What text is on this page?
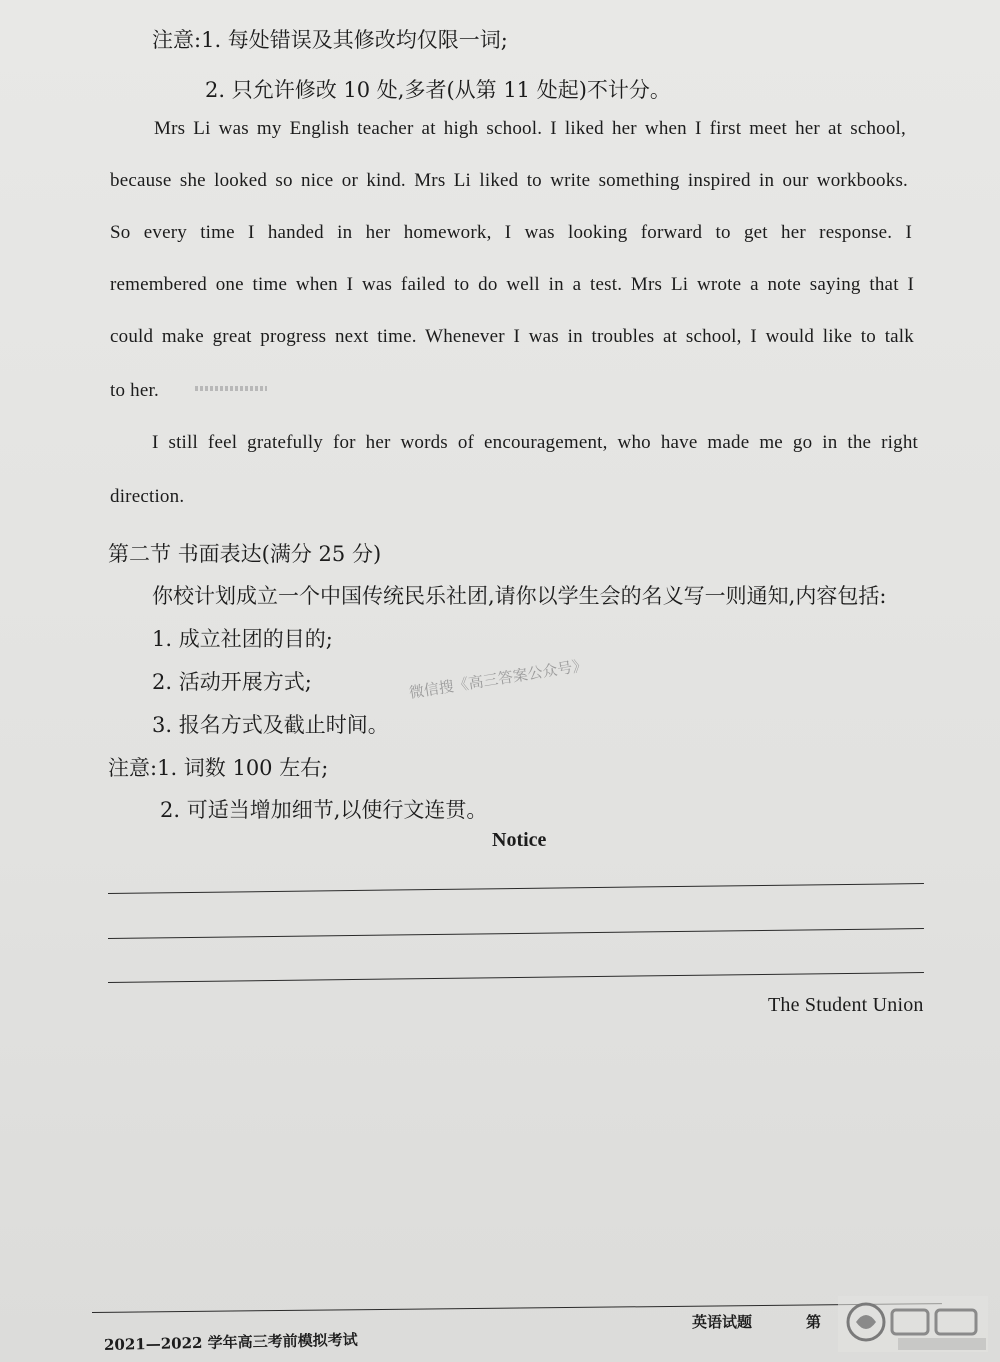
注意:1. 每处错误及其修改均仅限一词;
2. 只允许修改 10 处,多者(从第 11 处起)不计分。
Mrs Li was my English teacher at high school. I liked her when I first meet her at school,
because she looked so nice or kind. Mrs Li liked to write something inspired in our workbooks.
So every time I handed in her homework, I was looking forward to get her response. I
remembered one time when I was failed to do well in a test. Mrs Li wrote a note saying that I
could make great progress next time. Whenever I was in troubles at school, I would like to talk
to her.
I still feel gratefully for her words of encouragement, who have made me go in the right
direction.
第二节 书面表达(满分 25 分)
你校计划成立一个中国传统民乐社团,请你以学生会的名义写一则通知,内容包括:
1. 成立社团的目的;
2. 活动开展方式;
3. 报名方式及截止时间。
微信搜《高三答案公众号》
注意:1. 词数 100 左右;
2. 可适当增加细节,以使行文连贯。
Notice
The Student Union
英语试题	第
2021—2022 学年高三考前模拟考试
